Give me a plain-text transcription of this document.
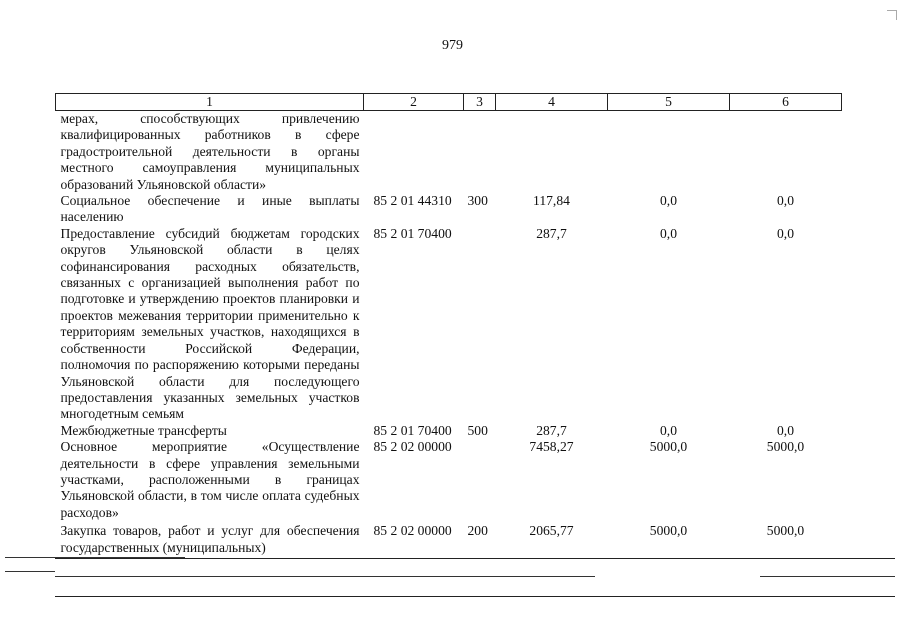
979
1	2	3	4	5	6
мерах, способствующих привлечению квалифицированных работников в сфере градостроительной деятельности в органы местного самоуправления муниципальных образований Ульяновской области»					
Социальное обеспечение и иные выплаты населению	85 2 01 44310	300	117,84	0,0	0,0
Предоставление субсидий бюджетам городских округов Ульяновской области в целях софинансирования расходных обязательств, связанных с организацией выполнения работ по подготовке и утверждению проектов планировки и проектов межевания территории применительно к территориям земельных участков, находящихся в собственности Российской Федерации, полномочия по распоряжению которыми переданы Ульяновской области для последующего предоставления указанных земельных участков многодетным семьям	85 2 01 70400		287,7	0,0	0,0
Межбюджетные трансферты	85 2 01 70400	500	287,7	0,0	0,0
Основное мероприятие «Осуществление деятельности в сфере управления земельными участками, расположенными в границах Ульяновской области, в том числе оплата судебных расходов»	85 2 02 00000		7458,27	5000,0	5000,0
Закупка товаров, работ и услуг для обеспечения государственных (муниципальных)	85 2 02 00000	200	2065,77	5000,0	5000,0
